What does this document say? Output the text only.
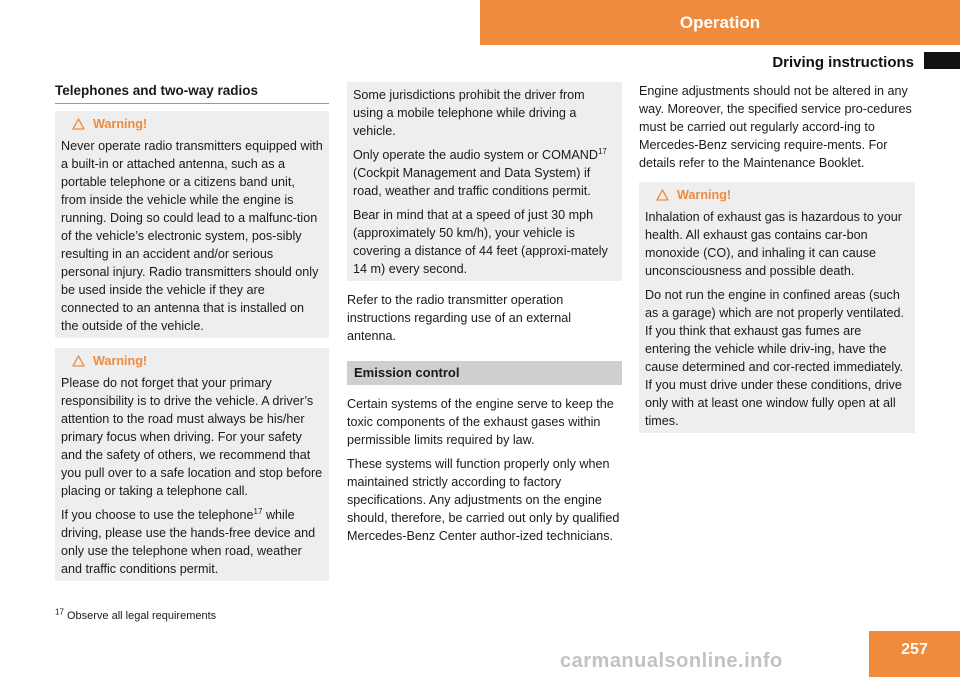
Operation
Driving instructions
Telephones and two-way radios
Warning!

Never operate radio transmitters equipped with a built-in or attached antenna, such as a portable telephone or a citizens band unit, from inside the vehicle while the engine is running. Doing so could lead to a malfunc-tion of the vehicle’s electronic system, pos-sibly resulting in an accident and/or serious personal injury. Radio transmitters should only be used inside the vehicle if they are connected to an antenna that is installed on the outside of the vehicle.

Warning!

Please do not forget that your primary responsibility is to drive the vehicle. A driver’s attention to the road must always be his/her primary focus when driving. For your safety and the safety of others, we recommend that you pull over to a safe location and stop before placing or taking a telephone call.

If you choose to use the telephone$^{17}$ while driving, please use the hands-free device and only use the telephone when road, weather and traffic conditions permit.

Some jurisdictions prohibit the driver from using a mobile telephone while driving a vehicle.

Only operate the audio system or COMAND$^{17}$ (Cockpit Management and Data System) if road, weather and traffic conditions permit.

Bear in mind that at a speed of just 30 mph (approximately 50 km/h), your vehicle is covering a distance of 44 feet (approxi-mately 14 m) every second.

Refer to the radio transmitter operation instructions regarding use of an external antenna.

Emission control

Certain systems of the engine serve to keep the toxic components of the exhaust gases within permissible limits required by law.

These systems will function properly only when maintained strictly according to factory specifications. Any adjustments on the engine should, therefore, be carried out only by qualified Mercedes-Benz Center author-ized technicians.

Engine adjustments should not be altered in any way. Moreover, the specified service pro-cedures must be carried out regularly accord-ing to Mercedes-Benz servicing require-ments. For details refer to the Maintenance Booklet.

Warning!

Inhalation of exhaust gas is hazardous to your health. All exhaust gas contains car-bon monoxide (CO), and inhaling it can cause unconsciousness and possible death.

Do not run the engine in confined areas (such as a garage) which are not properly ventilated. If you think that exhaust gas fumes are entering the vehicle while driv-ing, have the cause determined and cor-rected immediately. If you must drive under these conditions, drive only with at least one window fully open at all times.

$^{17}$ Observe all legal requirements
257
carmanualsonline.info
